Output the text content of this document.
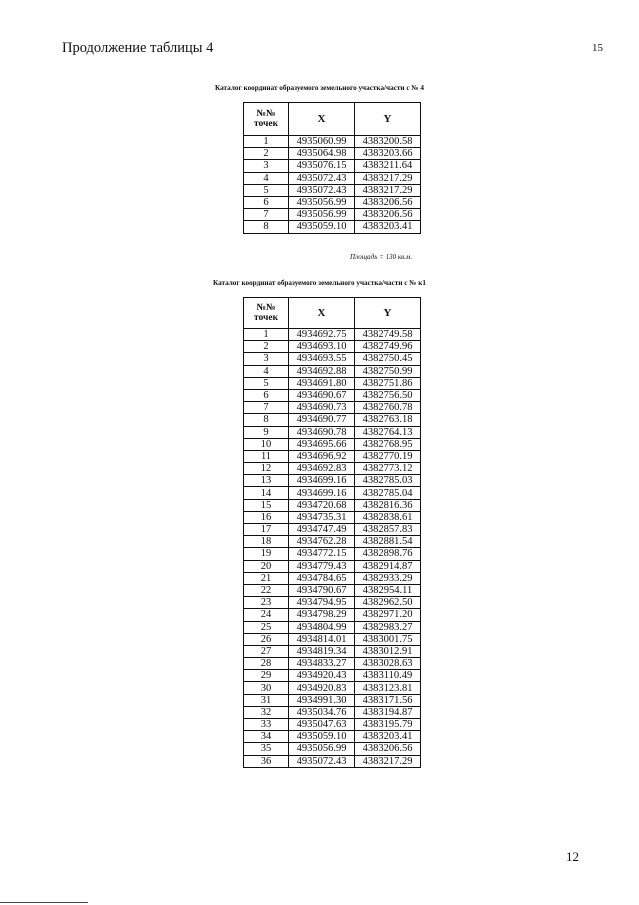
Продолжение таблицы 4	15
Каталог координат образуемого земельного участка/части с № 4
№№ точек	X	Y
1	4935060.99	4383200.58
2	4935064.98	4383203.66
3	4935076.15	4383211.64
4	4935072.43	4383217.29
5	4935072.43	4383217.29
6	4935056.99	4383206.56
7	4935056.99	4383206.56
8	4935059.10	4383203.41
Площадь = 130 кв.м.
Каталог координат образуемого земельного участка/части с № к1
№№ точек	X	Y
1	4934692.75	4382749.58
2	4934693.10	4382749.96
3	4934693.55	4382750.45
4	4934692.88	4382750.99
5	4934691.80	4382751.86
6	4934690.67	4382756.50
7	4934690.73	4382760.78
8	4934690.77	4382763.18
9	4934690.78	4382764.13
10	4934695.66	4382768.95
11	4934696.92	4382770.19
12	4934692.83	4382773.12
13	4934699.16	4382785.03
14	4934699.16	4382785.04
15	4934720.68	4382816.36
16	4934735.31	4382838.61
17	4934747.49	4382857.83
18	4934762.28	4382881.54
19	4934772.15	4382898.76
20	4934779.43	4382914.87
21	4934784.65	4382933.29
22	4934790.67	4382954.11
23	4934794.95	4382962.50
24	4934798.29	4382971.20
25	4934804.99	4382983.27
26	4934814.01	4383001.75
27	4934819.34	4383012.91
28	4934833.27	4383028.63
29	4934920.43	4383110.49
30	4934920.83	4383123.81
31	4934991.30	4383171.56
32	4935034.76	4383194.87
33	4935047.63	4383195.79
34	4935059.10	4383203.41
35	4935056.99	4383206.56
36	4935072.43	4383217.29
12
